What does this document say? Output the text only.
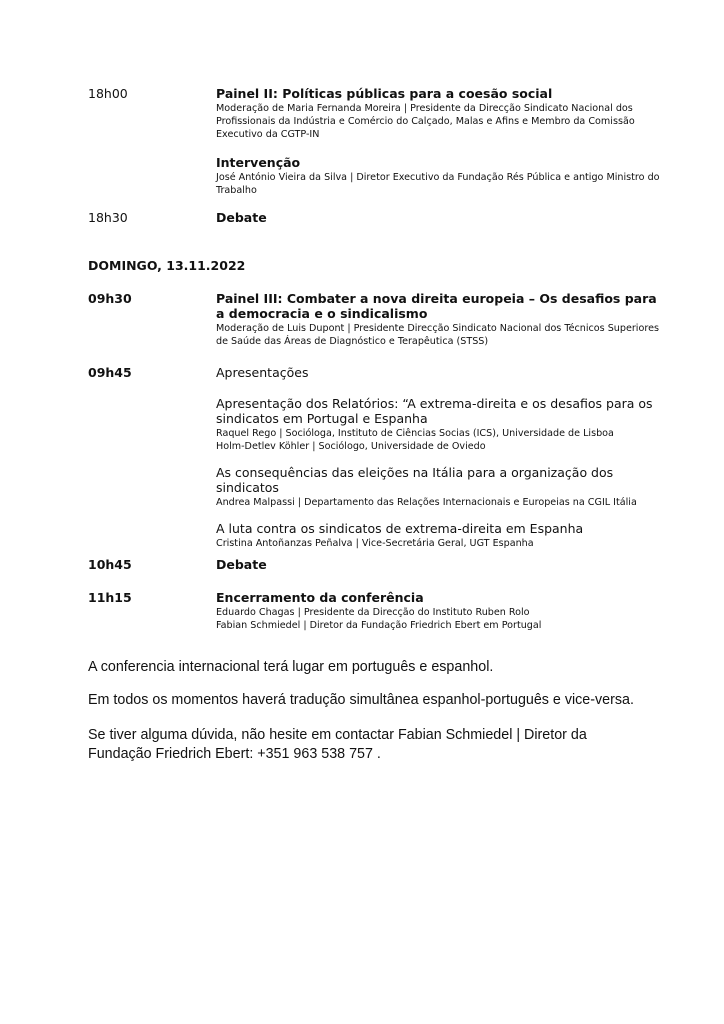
18h00	Painel II: Políticas públicas para a coesão social
Moderação de Maria Fernanda Moreira | Presidente da Direcção Sindicato Nacional dos Profissionais da Indústria e Comércio do Calçado, Malas e Afins e Membro da Comissão Executivo da CGTP-IN
Intervenção
José António Vieira da Silva | Diretor Executivo da Fundação Rés Pública e antigo Ministro do Trabalho
18h30	Debate
DOMINGO, 13.11.2022
09h30	Painel III: Combater a nova direita europeia – Os desafios para a democracia e o sindicalismo
Moderação de Luis Dupont | Presidente Direcção Sindicato Nacional dos Técnicos Superiores de Saúde das Áreas de Diagnóstico e Terapêutica (STSS)
09h45	Apresentações
Apresentação dos Relatórios: “A extrema-direita e os desafios para os sindicatos em Portugal e Espanha
Raquel Rego | Socióloga, Instituto de Ciências Socias (ICS), Universidade de Lisboa
Holm-Detlev Köhler | Sociólogo, Universidade de Oviedo
As consequências das eleições na Itália para a organização dos sindicatos
Andrea Malpassi | Departamento das Relações Internacionais e Europeias na CGIL Itália
A luta contra os sindicatos de extrema-direita em Espanha
Cristina Antoñanzas Peñalva | Vice-Secretária Geral, UGT Espanha
10h45	Debate
11h15	Encerramento da conferência
Eduardo Chagas | Presidente da Direcção do Instituto Ruben Rolo
Fabian Schmiedel | Diretor da Fundação Friedrich Ebert em Portugal
A conferencia internacional terá lugar em português e espanhol.
Em todos os momentos haverá tradução simultânea espanhol-português e vice-versa.
Se tiver alguma dúvida, não hesite em contactar Fabian Schmiedel | Diretor da Fundação Friedrich Ebert: +351 963 538 757 .
